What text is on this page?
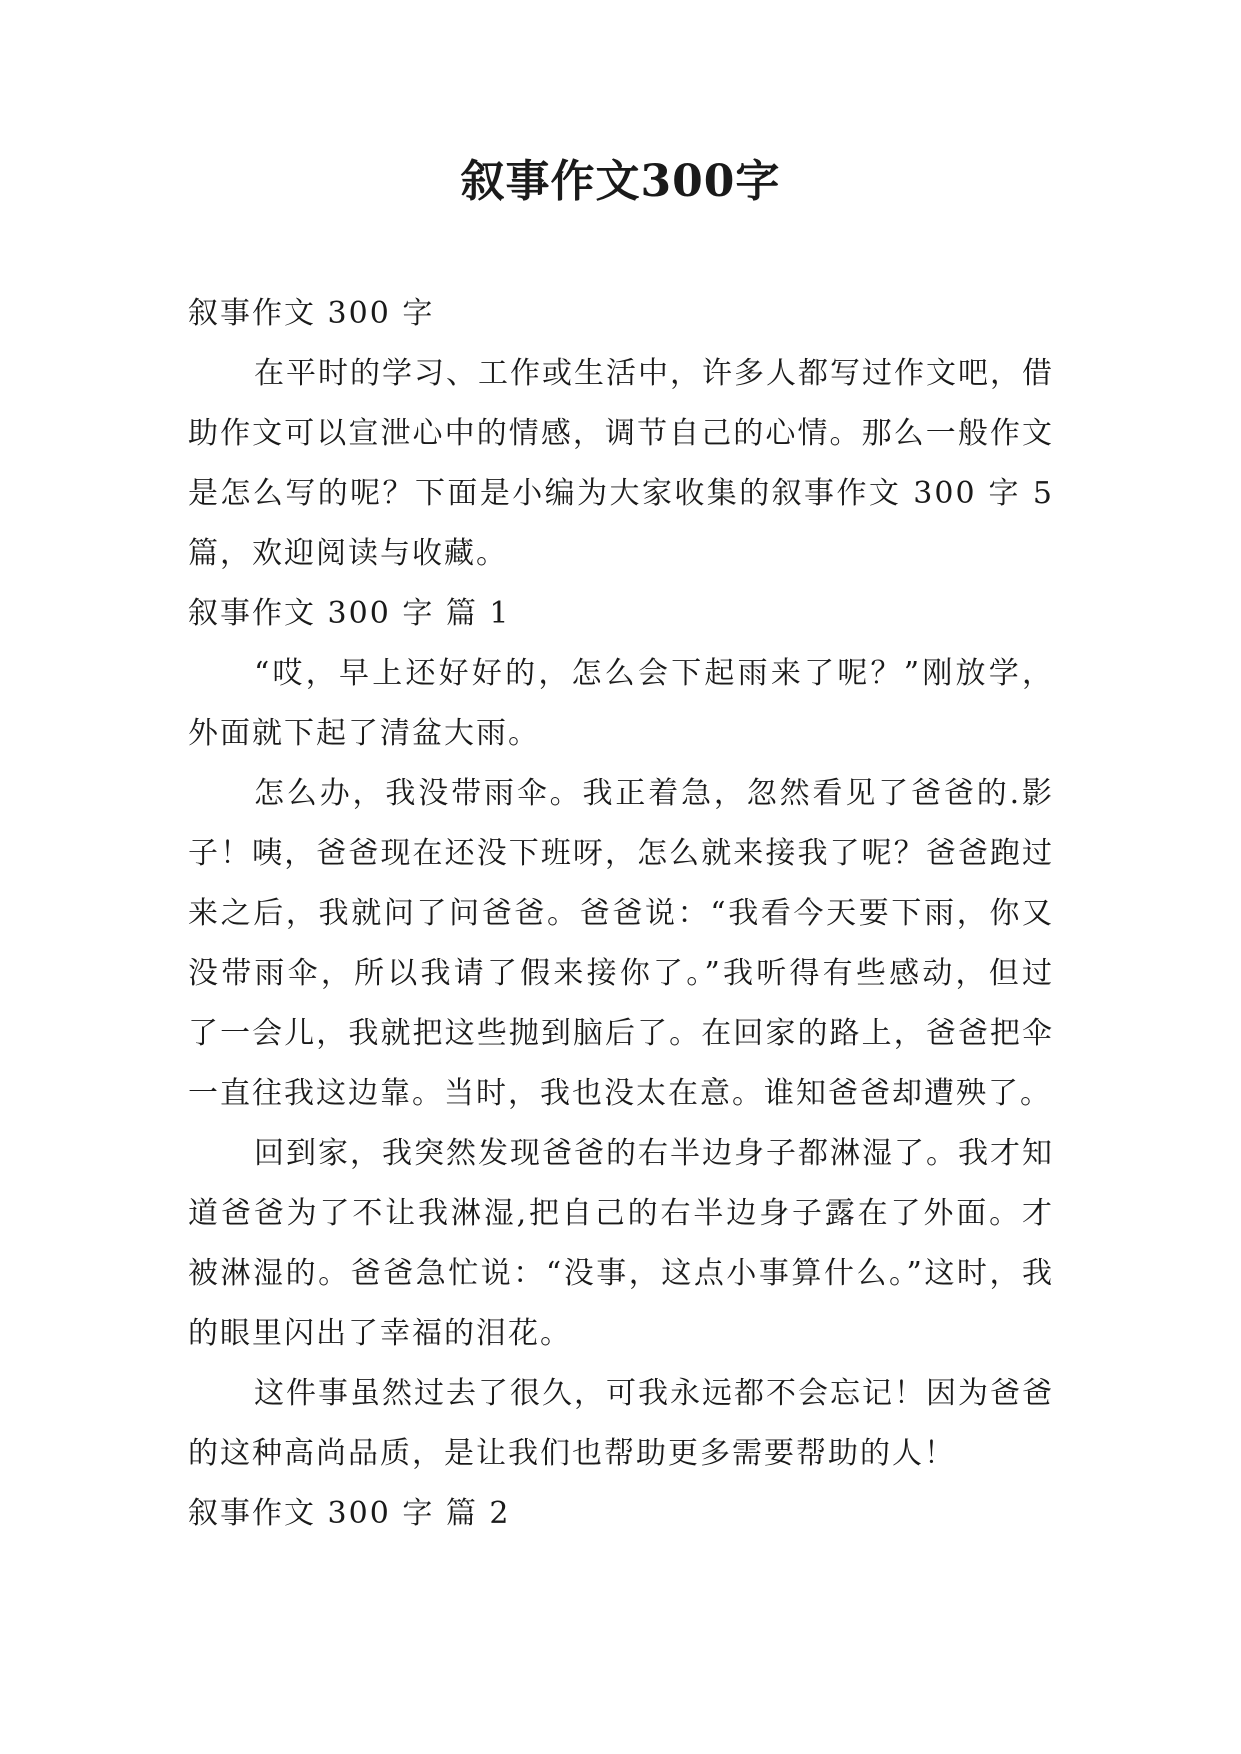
叙事作文300字

叙事作文 300 字

在平时的学习、工作或生活中，许多人都写过作文吧，借助作文可以宣泄心中的情感，调节自己的心情。那么一般作文是怎么写的呢？下面是小编为大家收集的叙事作文 300 字 5 篇，欢迎阅读与收藏。

叙事作文 300 字 篇 1

“哎，早上还好好的，怎么会下起雨来了呢？”刚放学，外面就下起了清盆大雨。

怎么办，我没带雨伞。我正着急，忽然看见了爸爸的.影子！咦，爸爸现在还没下班呀，怎么就来接我了呢？爸爸跑过来之后，我就问了问爸爸。爸爸说：“我看今天要下雨，你又没带雨伞，所以我请了假来接你了。”我听得有些感动，但过了一会儿，我就把这些抛到脑后了。在回家的路上，爸爸把伞一直往我这边靠。当时，我也没太在意。谁知爸爸却遭殃了。

回到家，我突然发现爸爸的右半边身子都淋湿了。我才知道爸爸为了不让我淋湿,把自己的右半边身子露在了外面。才被淋湿的。爸爸急忙说：“没事，这点小事算什么。”这时，我的眼里闪出了幸福的泪花。

这件事虽然过去了很久，可我永远都不会忘记！因为爸爸的这种高尚品质，是让我们也帮助更多需要帮助的人！

叙事作文 300 字 篇 2
